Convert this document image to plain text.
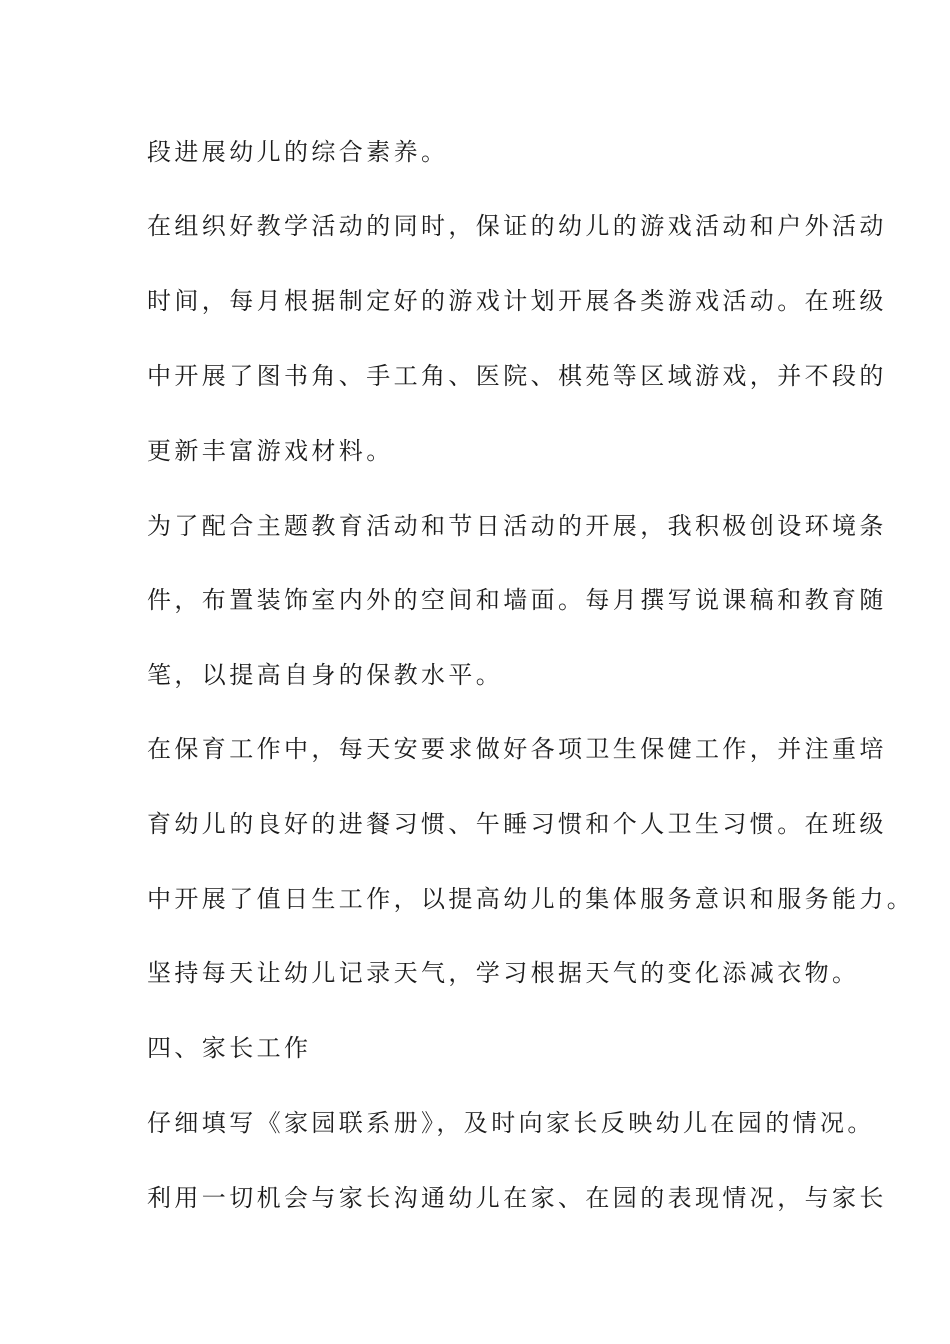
段进展幼儿的综合素养。
在组织好教学活动的同时，保证的幼儿的游戏活动和户外活动
时间，每月根据制定好的游戏计划开展各类游戏活动。在班级
中开展了图书角、手工角、医院、棋苑等区域游戏，并不段的
更新丰富游戏材料。
为了配合主题教育活动和节日活动的开展，我积极创设环境条
件，布置装饰室内外的空间和墙面。每月撰写说课稿和教育随
笔，以提高自身的保教水平。
在保育工作中，每天安要求做好各项卫生保健工作，并注重培
育幼儿的良好的进餐习惯、午睡习惯和个人卫生习惯。在班级
中开展了值日生工作，以提高幼儿的集体服务意识和服务能力。
坚持每天让幼儿记录天气，学习根据天气的变化添减衣物。
四、家长工作
仔细填写《家园联系册》，及时向家长反映幼儿在园的情况。
利用一切机会与家长沟通幼儿在家、在园的表现情况，与家长
